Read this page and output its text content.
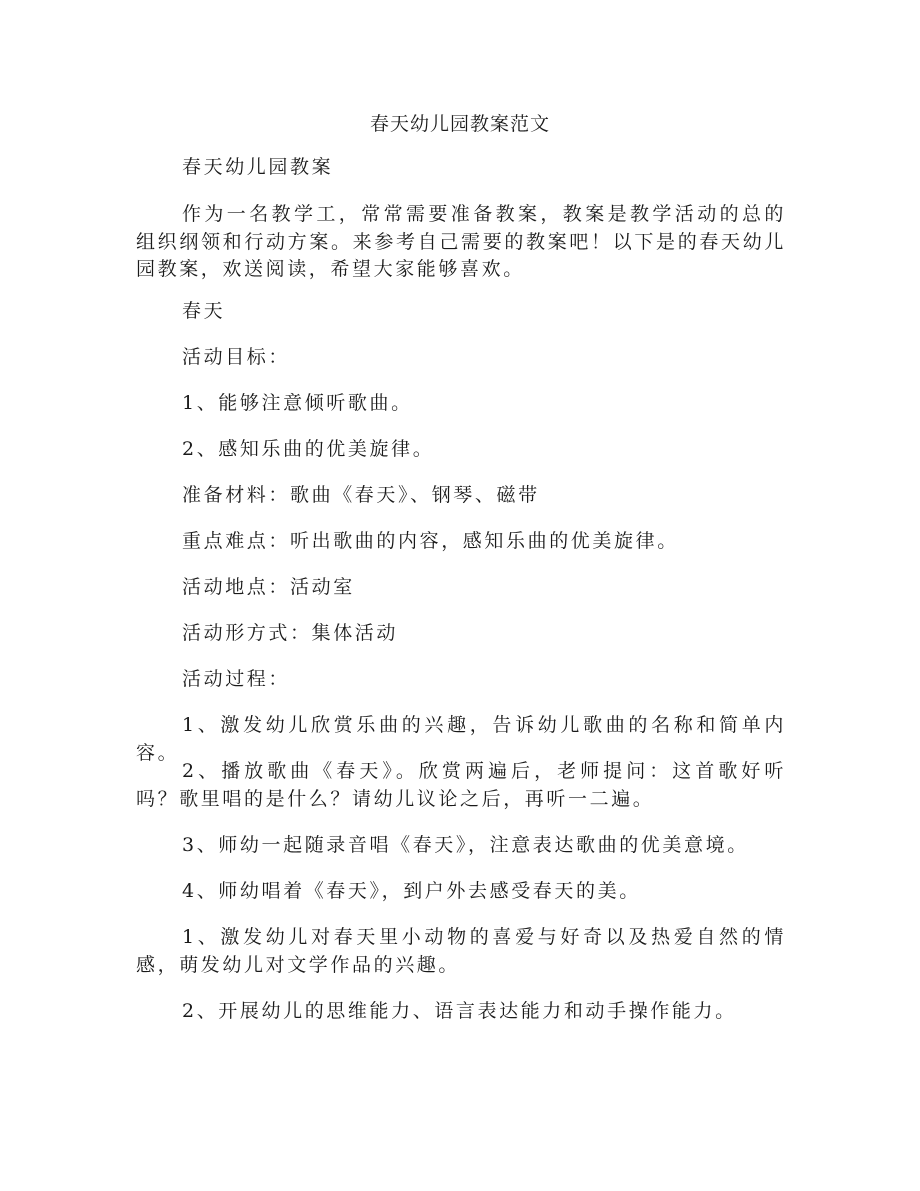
春天幼儿园教案范文
春天幼儿园教案
作为一名教学工，常常需要准备教案，教案是教学活动的总的组织纲领和行动方案。来参考自己需要的教案吧！以下是的春天幼儿园教案，欢送阅读，希望大家能够喜欢。
春天
活动目标：
1、能够注意倾听歌曲。
2、感知乐曲的优美旋律。
准备材料：歌曲《春天》、钢琴、磁带
重点难点：听出歌曲的内容，感知乐曲的优美旋律。
活动地点：活动室
活动形方式：集体活动
活动过程：
1、激发幼儿欣赏乐曲的兴趣，告诉幼儿歌曲的名称和简单内容。
2、播放歌曲《春天》。欣赏两遍后，老师提问：这首歌好听吗？歌里唱的是什么？请幼儿议论之后，再听一二遍。
3、师幼一起随录音唱《春天》，注意表达歌曲的优美意境。
4、师幼唱着《春天》，到户外去感受春天的美。
1、激发幼儿对春天里小动物的喜爱与好奇以及热爱自然的情感，萌发幼儿对文学作品的兴趣。
2、开展幼儿的思维能力、语言表达能力和动手操作能力。
